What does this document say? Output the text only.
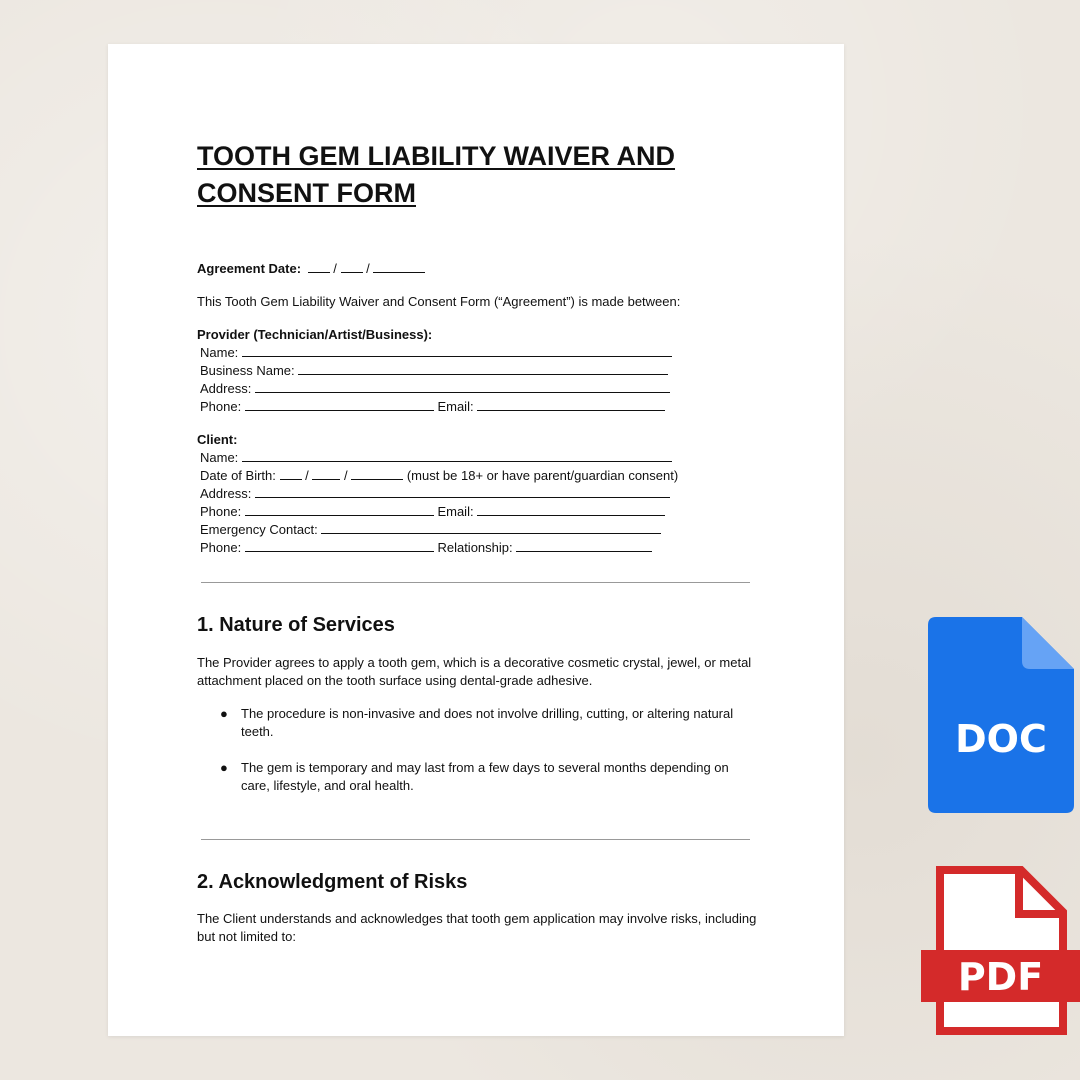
TOOTH GEM LIABILITY WAIVER AND CONSENT FORM
Agreement Date:  /  /
This Tooth Gem Liability Waiver and Consent Form (“Agreement”) is made between:
Provider (Technician/Artist/Business):
Name:
Business Name:
Address:
Phone:	Email:
Client:
Name:
Date of Birth:  /  /	(must be 18+ or have parent/guardian consent)
Address:
Phone:	Email:
Emergency Contact:
Phone:	Relationship:
1. Nature of Services

The Provider agrees to apply a tooth gem, which is a decorative cosmetic crystal, jewel, or metal attachment placed on the tooth surface using dental-grade adhesive.

● The procedure is non-invasive and does not involve drilling, cutting, or altering natural teeth.

● The gem is temporary and may last from a few days to several months depending on care, lifestyle, and oral health.

2. Acknowledgment of Risks

The Client understands and acknowledges that tooth gem application may involve risks, including but not limited to:

DOC
PDF
